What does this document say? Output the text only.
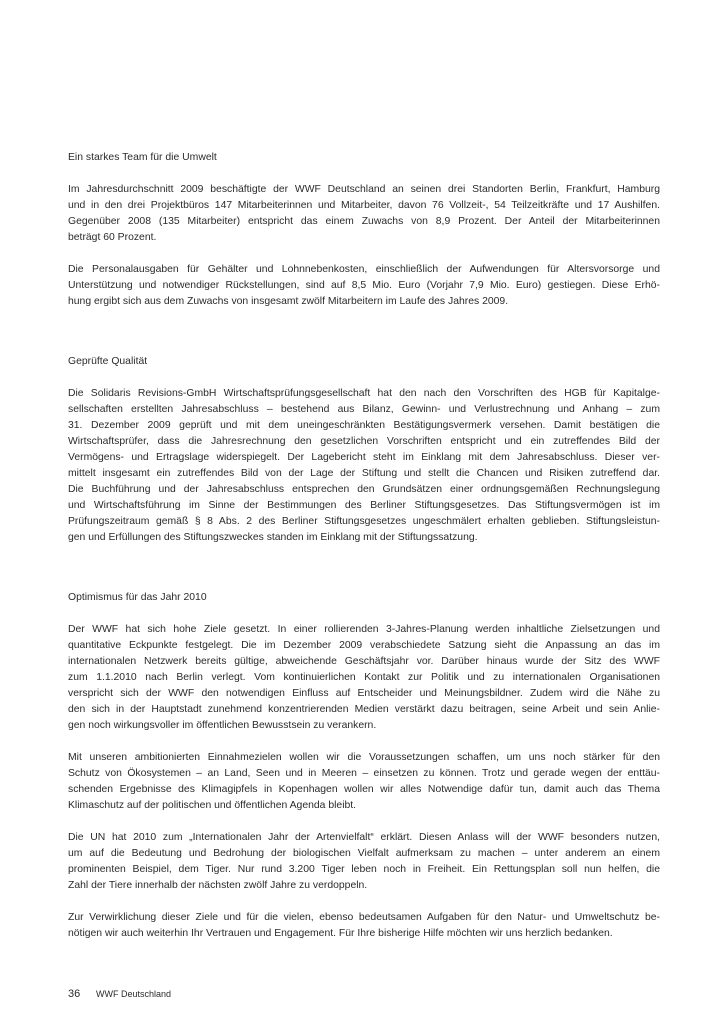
Ein starkes Team für die Umwelt
Im Jahresdurchschnitt 2009 beschäftigte der WWF Deutschland an seinen drei Standorten Berlin, Frankfurt, Hamburg
und in den drei Projektbüros 147 Mitarbeiterinnen und Mitarbeiter, davon 76 Vollzeit-, 54 Teilzeitkräfte und 17 Aushilfen.
Gegenüber 2008 (135 Mitarbeiter) entspricht das einem Zuwachs von 8,9 Prozent. Der Anteil der Mitarbeiterinnen
beträgt 60 Prozent.
Die Personalausgaben für Gehälter und Lohnnebenkosten, einschließlich der Aufwendungen für Altersvorsorge und
Unterstützung und notwendiger Rückstellungen, sind auf 8,5 Mio. Euro (Vorjahr 7,9 Mio. Euro) gestiegen. Diese Erhö-
hung ergibt sich aus dem Zuwachs von insgesamt zwölf Mitarbeitern im Laufe des Jahres 2009.
Geprüfte Qualität
Die Solidaris Revisions-GmbH Wirtschaftsprüfungsgesellschaft hat den nach den Vorschriften des HGB für Kapitalge-
sellschaften erstellten Jahresabschluss – bestehend aus Bilanz, Gewinn- und Verlustrechnung und Anhang – zum
31. Dezember 2009 geprüft und mit dem uneingeschränkten Bestätigungsvermerk versehen. Damit bestätigen die
Wirtschaftsprüfer, dass die Jahresrechnung den gesetzlichen Vorschriften entspricht und ein zutreffendes Bild der
Vermögens- und Ertragslage widerspiegelt. Der Lagebericht steht im Einklang mit dem Jahresabschluss. Dieser ver-
mittelt insgesamt ein zutreffendes Bild von der Lage der Stiftung und stellt die Chancen und Risiken zutreffend dar.
Die Buchführung und der Jahresabschluss entsprechen den Grundsätzen einer ordnungsgemäßen Rechnungslegung
und Wirtschaftsführung im Sinne der Bestimmungen des Berliner Stiftungsgesetzes. Das Stiftungsvermögen ist im
Prüfungszeitraum gemäß § 8 Abs. 2 des Berliner Stiftungsgesetzes ungeschmälert erhalten geblieben. Stiftungsleistun-
gen und Erfüllungen des Stiftungszweckes standen im Einklang mit der Stiftungssatzung.
Optimismus für das Jahr 2010
Der WWF hat sich hohe Ziele gesetzt. In einer rollierenden 3-Jahres-Planung werden inhaltliche Zielsetzungen und
quantitative Eckpunkte festgelegt. Die im Dezember 2009 verabschiedete Satzung sieht die Anpassung an das im
internationalen Netzwerk bereits gültige, abweichende Geschäftsjahr vor. Darüber hinaus wurde der Sitz des WWF
zum 1.1.2010 nach Berlin verlegt. Vom kontinuierlichen Kontakt zur Politik und zu internationalen Organisationen
verspricht sich der WWF den notwendigen Einfluss auf Entscheider und Meinungsbildner. Zudem wird die Nähe zu
den sich in der Hauptstadt zunehmend konzentrierenden Medien verstärkt dazu beitragen, seine Arbeit und sein Anlie-
gen noch wirkungsvoller im öffentlichen Bewusstsein zu verankern.
Mit unseren ambitionierten Einnahmezielen wollen wir die Voraussetzungen schaffen, um uns noch stärker für den
Schutz von Ökosystemen – an Land, Seen und in Meeren – einsetzen zu können. Trotz und gerade wegen der enttäu-
schenden Ergebnisse des Klimagipfels in Kopenhagen wollen wir alles Notwendige dafür tun, damit auch das Thema
Klimaschutz auf der politischen und öffentlichen Agenda bleibt.
Die UN hat 2010 zum „Internationalen Jahr der Artenvielfalt“ erklärt. Diesen Anlass will der WWF besonders nutzen,
um auf die Bedeutung und Bedrohung der biologischen Vielfalt aufmerksam zu machen – unter anderem an einem
prominenten Beispiel, dem Tiger. Nur rund 3.200 Tiger leben noch in Freiheit. Ein Rettungsplan soll nun helfen, die
Zahl der Tiere innerhalb der nächsten zwölf Jahre zu verdoppeln.
Zur Verwirklichung dieser Ziele und für die vielen, ebenso bedeutsamen Aufgaben für den Natur- und Umweltschutz be-
nötigen wir auch weiterhin Ihr Vertrauen und Engagement. Für Ihre bisherige Hilfe möchten wir uns herzlich bedanken.
36	WWF Deutschland
